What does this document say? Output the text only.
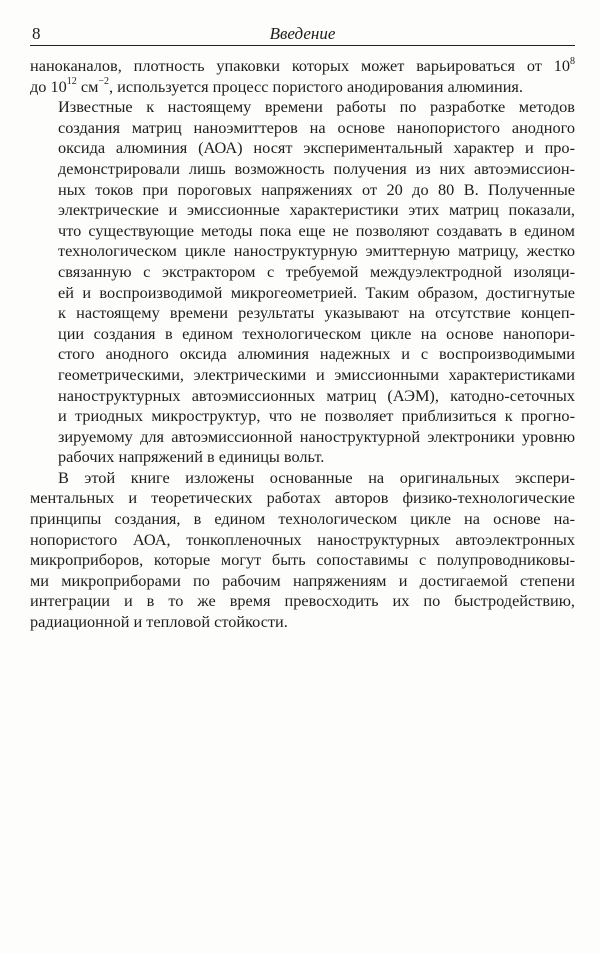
8	Введение

наноканалов, плотность упаковки которых может варьироваться от $10^8$
до $10^{12}$ $см^{-2}$, используется процесс пористого анодирования алюминия.

Известные к настоящему времени работы по разработке методов
создания матриц наноэмиттеров на основе нанопористого анодного
оксида алюминия (АОА) носят экспериментальный характер и про-
демонстрировали лишь возможность получения из них автоэмиссион-
ных токов при пороговых напряжениях от 20 до 80 В. Полученные
электрические и эмиссионные характеристики этих матриц показали,
что существующие методы пока еще не позволяют создавать в едином
технологическом цикле наноструктурную эмиттерную матрицу, жестко
связанную с экстрактором с требуемой междуэлектродной изоляци-
ей и воспроизводимой микрогеометрией. Таким образом, достигнутые
к настоящему времени результаты указывают на отсутствие концеп-
ции создания в едином технологическом цикле на основе нанопори-
стого анодного оксида алюминия надежных и с воспроизводимыми
геометрическими, электрическими и эмиссионными характеристиками
наноструктурных автоэмиссионных матриц (АЭМ), катодно-сеточных
и триодных микроструктур, что не позволяет приблизиться к прогно-
зируемому для автоэмиссионной наноструктурной электроники уровню
рабочих напряжений в единицы вольт.

В этой книге изложены основанные на оригинальных экспери-
ментальных и теоретических работах авторов физико-технологические
принципы создания, в едином технологическом цикле на основе на-
нопористого АОА, тонкопленочных наноструктурных автоэлектронных
микроприборов, которые могут быть сопоставимы с полупроводниковы-
ми микроприборами по рабочим напряжениям и достигаемой степени
интеграции и в то же время превосходить их по быстродействию,
радиационной и тепловой стойкости.
